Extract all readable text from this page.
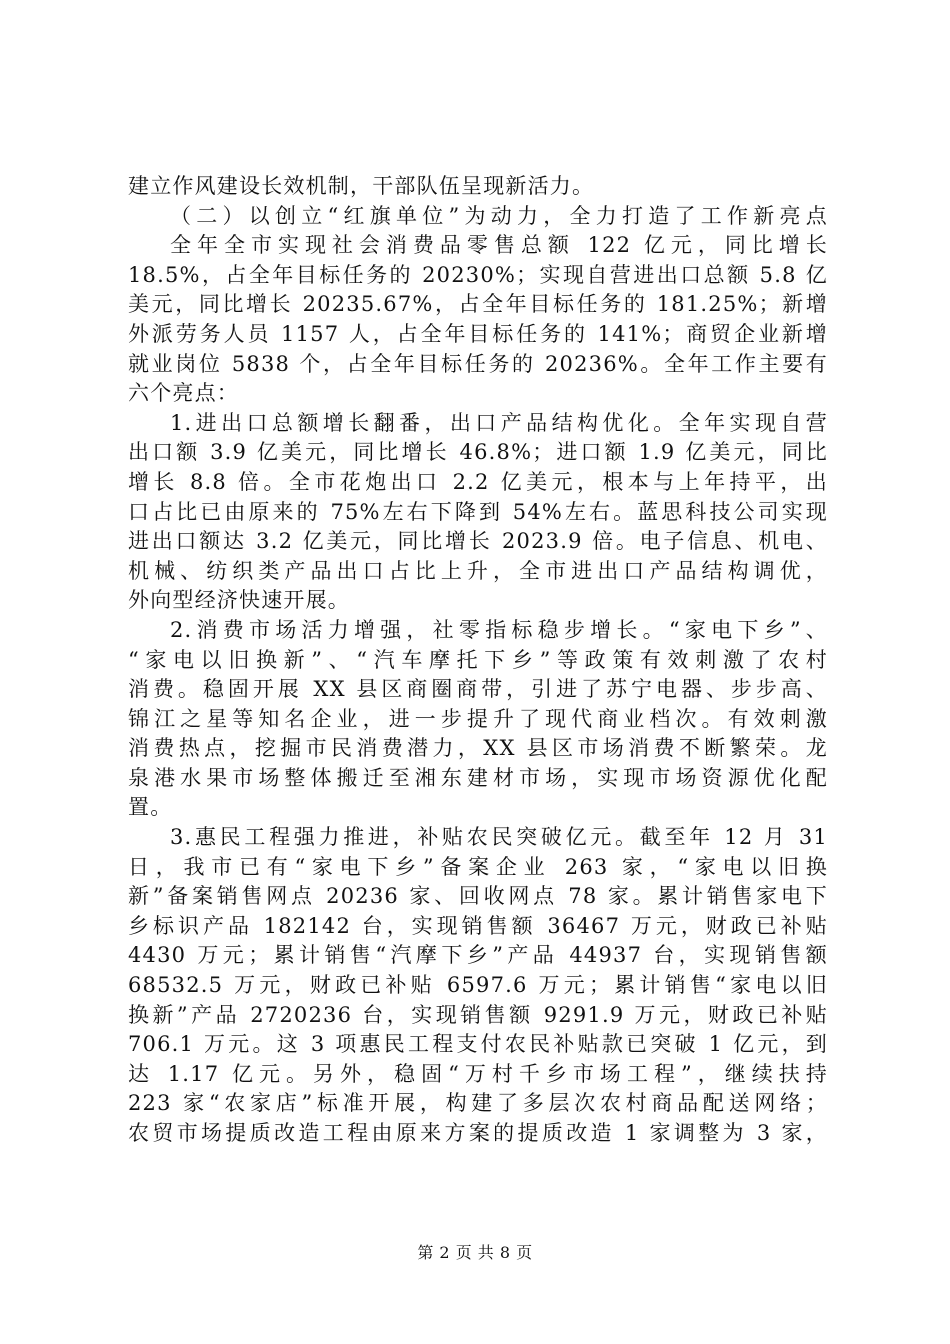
建立作风建设长效机制，干部队伍呈现新活力。
（二）以创立“红旗单位”为动力，全力打造了工作新亮点
全年全市实现社会消费品零售总额 122 亿元，同比增长
18.5%，占全年目标任务的 20230%；实现自营进出口总额 5.8 亿
美元，同比增长 20235.67%，占全年目标任务的 181.25%；新增
外派劳务人员 1157 人，占全年目标任务的 141%；商贸企业新增
就业岗位 5838 个，占全年目标任务的 20236%。全年工作主要有
六个亮点：
1.进出口总额增长翻番，出口产品结构优化。全年实现自营
出口额 3.9 亿美元，同比增长 46.8%；进口额 1.9 亿美元，同比
增长 8.8 倍。全市花炮出口 2.2 亿美元，根本与上年持平，出
口占比已由原来的 75%左右下降到 54%左右。蓝思科技公司实现
进出口额达 3.2 亿美元，同比增长 2023.9 倍。电子信息、机电、
机械、纺织类产品出口占比上升，全市进出口产品结构调优，
外向型经济快速开展。
2.消费市场活力增强，社零指标稳步增长。“家电下乡”、
“家电以旧换新”、“汽车摩托下乡”等政策有效刺激了农村
消费。稳固开展 XX 县区商圈商带，引进了苏宁电器、步步高、
锦江之星等知名企业，进一步提升了现代商业档次。有效刺激
消费热点，挖掘市民消费潜力，XX 县区市场消费不断繁荣。龙
泉港水果市场整体搬迁至湘东建材市场，实现市场资源优化配
置。
3.惠民工程强力推进，补贴农民突破亿元。截至年 12 月 31
日，我市已有“家电下乡”备案企业 263 家，“家电以旧换
新”备案销售网点 20236 家、回收网点 78 家。累计销售家电下
乡标识产品 182142 台，实现销售额 36467 万元，财政已补贴
4430 万元；累计销售“汽摩下乡”产品 44937 台，实现销售额
68532.5 万元，财政已补贴 6597.6 万元；累计销售“家电以旧
换新”产品 2720236 台，实现销售额 9291.9 万元，财政已补贴
706.1 万元。这 3 项惠民工程支付农民补贴款已突破 1 亿元，到
达 1.17 亿元。另外，稳固“万村千乡市场工程”，继续扶持
223 家“农家店”标准开展，构建了多层次农村商品配送网络；
农贸市场提质改造工程由原来方案的提质改造 1 家调整为 3 家，
第 2 页 共 8 页
